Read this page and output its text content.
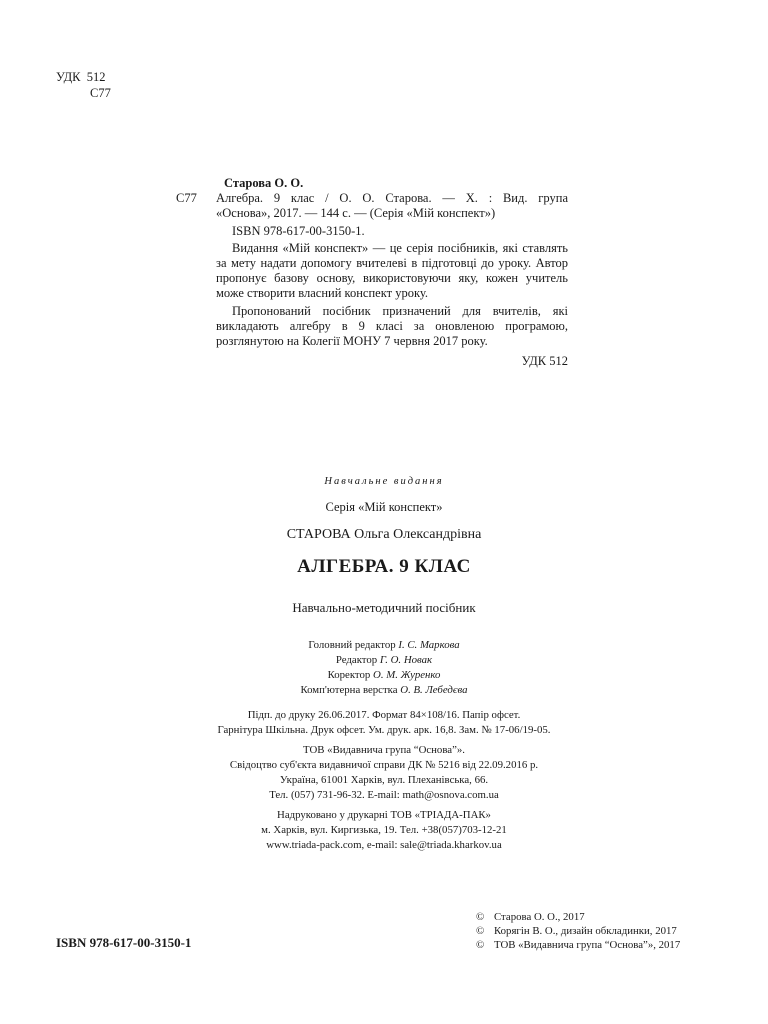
УДК 512
С77
Старова О. О.
С77	Алгебра. 9 клас / О. О. Старова. — Х. : Вид. група
«Основа», 2017. — 144 с. — (Серія «Мій конспект»)
ISBN 978-617-00-3150-1.

Видання «Мій конспект» — це серія посібників, які ставлять за мету надати допомогу вчителеві в підготовці до уроку. Автор пропонує базову основу, використовуючи яку, кожен учитель може створити власний конспект уроку.

Пропонований посібник призначений для вчителів, які викладають алгебру в 9 класі за оновленою програмою, розглянутою на Колегії МОНУ 7 червня 2017 року.

УДК 512
Навчальне видання
Серія «Мій конспект»
СТАРОВА Ольга Олександрівна
АЛГЕБРА. 9 КЛАС
Навчально-методичний посібник
Головний редактор І. С. Маркова
Редактор Г. О. Новак
Коректор О. М. Журенко
Комп'ютерна верстка О. В. Лебедєва
Підп. до друку 26.06.2017. Формат 84×108/16. Папір офсет.
Гарнітура Шкільна. Друк офсет. Ум. друк. арк. 16,8. Зам. № 17-06/19-05.
ТОВ «Видавнича група “Основа”».
Свідоцтво суб'єкта видавничої справи ДК № 5216 від 22.09.2016 р.
Україна, 61001 Харків, вул. Плеханівська, 66.
Тел. (057) 731-96-32. E-mail: math@osnova.com.ua
Надруковано у друкарні ТОВ «ТРІАДА-ПАК»
м. Харків, вул. Киргизька, 19. Тел. +38(057)703-12-21
www.triada-pack.com, e-mail: sale@triada.kharkov.ua
ISBN 978-617-00-3150-1
© Старова О. О., 2017
© Корягін В. О., дизайн обкладинки, 2017
© ТОВ «Видавнича група “Основа”», 2017
